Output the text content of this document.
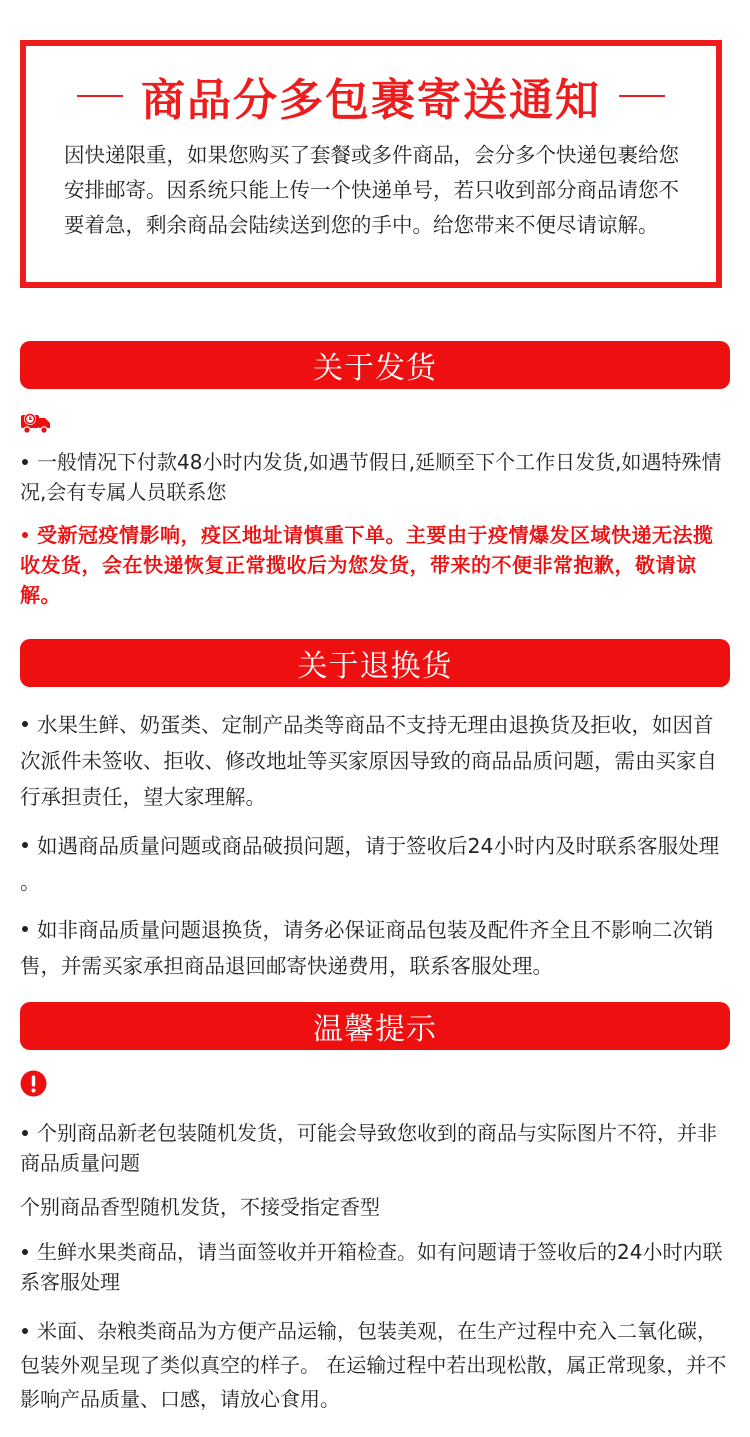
商品分多包裹寄送通知
因快递限重，如果您购买了套餐或多件商品，会分多个快递包裹给您安排邮寄。因系统只能上传一个快递单号，若只收到部分商品请您不要着急，剩余商品会陆续送到您的手中。给您带来不便尽请谅解。
关于发货
一般情况下付款48小时内发货,如遇节假日,延顺至下个工作日发货,如遇特殊情况,会有专属人员联系您
受新冠疫情影响，疫区地址请慎重下单。主要由于疫情爆发区域快递无法揽收发货，会在快递恢复正常揽收后为您发货，带来的不便非常抱歉，敬请谅解。
关于退换货
水果生鲜、奶蛋类、定制产品类等商品不支持无理由退换货及拒收，如因首次派件未签收、拒收、修改地址等买家原因导致的商品品质问题，需由买家自行承担责任，望大家理解。
如遇商品质量问题或商品破损问题，请于签收后24小时内及时联系客服处理 。
如非商品质量问题退换货，请务必保证商品包装及配件齐全且不影响二次销售，并需买家承担商品退回邮寄快递费用，联系客服处理。
温馨提示
个别商品新老包装随机发货，可能会导致您收到的商品与实际图片不符，并非商品质量问题
个别商品香型随机发货，不接受指定香型
生鲜水果类商品，请当面签收并开箱检查。如有问题请于签收后的24小时内联系客服处理
米面、杂粮类商品为方便产品运输，包装美观，在生产过程中充入二氧化碳，包装外观呈现了类似真空的样子。 在运输过程中若出现松散，属正常现象，并不影响产品质量、口感，请放心食用。
